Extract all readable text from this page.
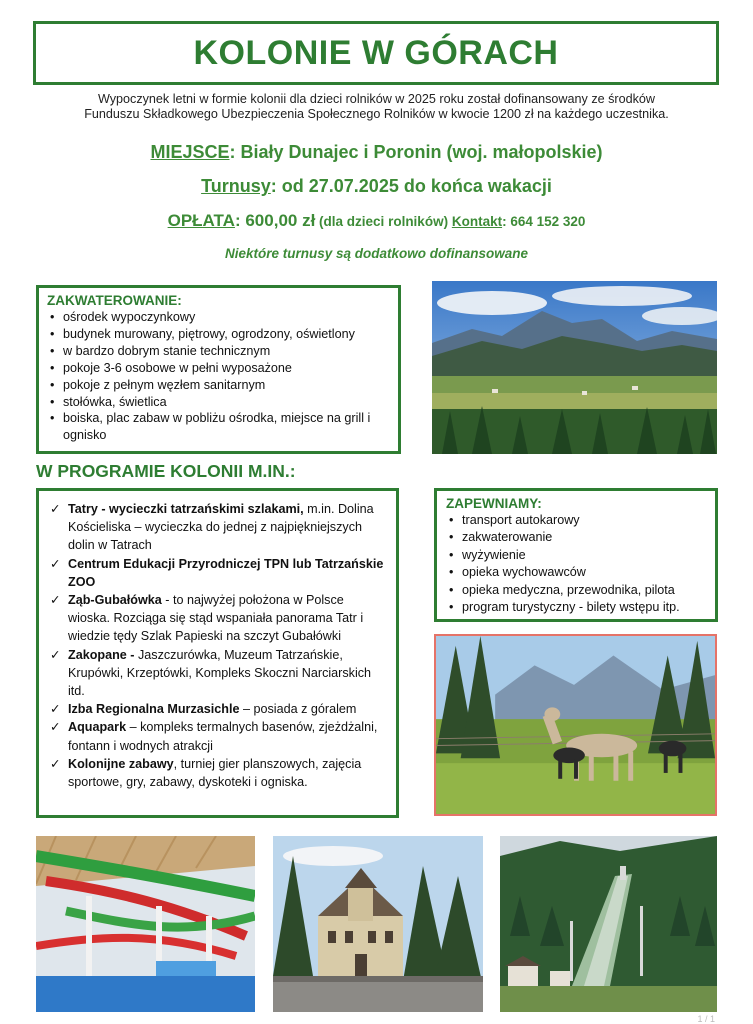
KOLONIE W GÓRACH
Wypoczynek letni w formie kolonii dla dzieci rolników w 2025 roku został dofinansowany ze środków
Funduszu Składkowego Ubezpieczenia Społecznego Rolników w kwocie 1200 zł na każdego uczestnika.
MIEJSCE: Biały Dunajec i Poronin (woj. małopolskie)
Turnusy: od 27.07.2025 do końca wakacji
OPŁATA: 600,00 zł (dla dzieci rolników) Kontakt: 664 152 320
Niektóre turnusy są dodatkowo dofinansowane
ZAKWATEROWANIE:
• ośrodek wypoczynkowy
• budynek murowany, piętrowy, ogrodzony, oświetlony
• w bardzo dobrym stanie technicznym
• pokoje 3-6 osobowe w pełni wyposażone
• pokoje z pełnym węzłem sanitarnym
• stołówka, świetlica
• boiska, plac zabaw w pobliżu ośrodka, miejsce na grill i ognisko
W PROGRAMIE KOLONII M.IN.:
✓ Tatry - wycieczki tatrzańskimi szlakami, m.in. Dolina Kościeliska – wycieczka do jednej z najpiękniejszych dolin w Tatrach
✓ Centrum Edukacji Przyrodniczej TPN lub Tatrzańskie ZOO
✓ Ząb-Gubałówka - to najwyżej położona w Polsce wioska. Rozciąga się stąd wspaniała panorama Tatr i wiedzie tędy Szlak Papieski na szczyt Gubałówki
✓ Zakopane - Jaszczurówka, Muzeum Tatrzańskie, Krupówki, Krzeptówki, Kompleks Skoczni Narciarskich itd.
✓ Izba Regionalna Murzasichle – posiada z góralem
✓ Aquapark – kompleks termalnych basenów, zjeżdżalni, fontann i wodnych atrakcji
✓ Kolonijne zabawy, turniej gier planszowych, zajęcia sportowe, gry, zabawy, dyskoteki i ogniska.
ZAPEWNIAMY:
• transport autokarowy
• zakwaterowanie
• wyżywienie
• opieka wychowawców
• opieka medyczna, przewodnika, pilota
• program turystyczny - bilety wstępu itp.
1 / 1
